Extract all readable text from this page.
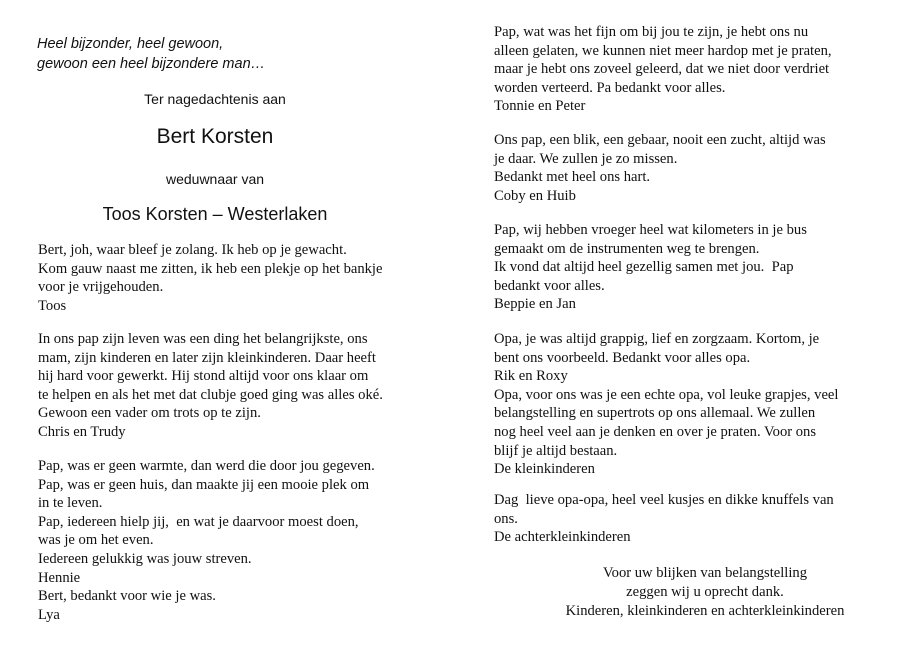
Heel bijzonder, heel gewoon,
gewoon een heel bijzondere man…
Ter nagedachtenis aan
Bert Korsten
weduwnaar van
Toos Korsten – Westerlaken
Bert, joh, waar bleef je zolang. Ik heb op je gewacht.
Kom gauw naast me zitten, ik heb een plekje op het bankje
voor je vrijgehouden.
Toos
In ons pap zijn leven was een ding het belangrijkste, ons
mam, zijn kinderen en later zijn kleinkinderen. Daar heeft
hij hard voor gewerkt. Hij stond altijd voor ons klaar om
te helpen en als het met dat clubje goed ging was alles oké.
Gewoon een vader om trots op te zijn.
Chris en Trudy
Pap, was er geen warmte, dan werd die door jou gegeven.
Pap, was er geen huis, dan maakte jij een mooie plek om
in te leven.
Pap, iedereen hielp jij,  en wat je daarvoor moest doen,
was je om het even.
Iedereen gelukkig was jouw streven.
Hennie
Bert, bedankt voor wie je was.
Lya
Pap, wat was het fijn om bij jou te zijn, je hebt ons nu
alleen gelaten, we kunnen niet meer hardop met je praten,
maar je hebt ons zoveel geleerd, dat we niet door verdriet
worden verteerd. Pa bedankt voor alles.
Tonnie en Peter
Ons pap, een blik, een gebaar, nooit een zucht, altijd was
je daar. We zullen je zo missen.
Bedankt met heel ons hart.
Coby en Huib
Pap, wij hebben vroeger heel wat kilometers in je bus
gemaakt om de instrumenten weg te brengen.
Ik vond dat altijd heel gezellig samen met jou.  Pap
bedankt voor alles.
Beppie en Jan
Opa, je was altijd grappig, lief en zorgzaam. Kortom, je
bent ons voorbeeld. Bedankt voor alles opa.
Rik en Roxy
Opa, voor ons was je een echte opa, vol leuke grapjes, veel
belangstelling en supertrots op ons allemaal. We zullen
nog heel veel aan je denken en over je praten. Voor ons
blijf je altijd bestaan.
De kleinkinderen
Dag  lieve opa-opa, heel veel kusjes en dikke knuffels van
ons.
De achterkleinkinderen
Voor uw blijken van belangstelling
zeggen wij u oprecht dank.
Kinderen, kleinkinderen en achterkleinkinderen
